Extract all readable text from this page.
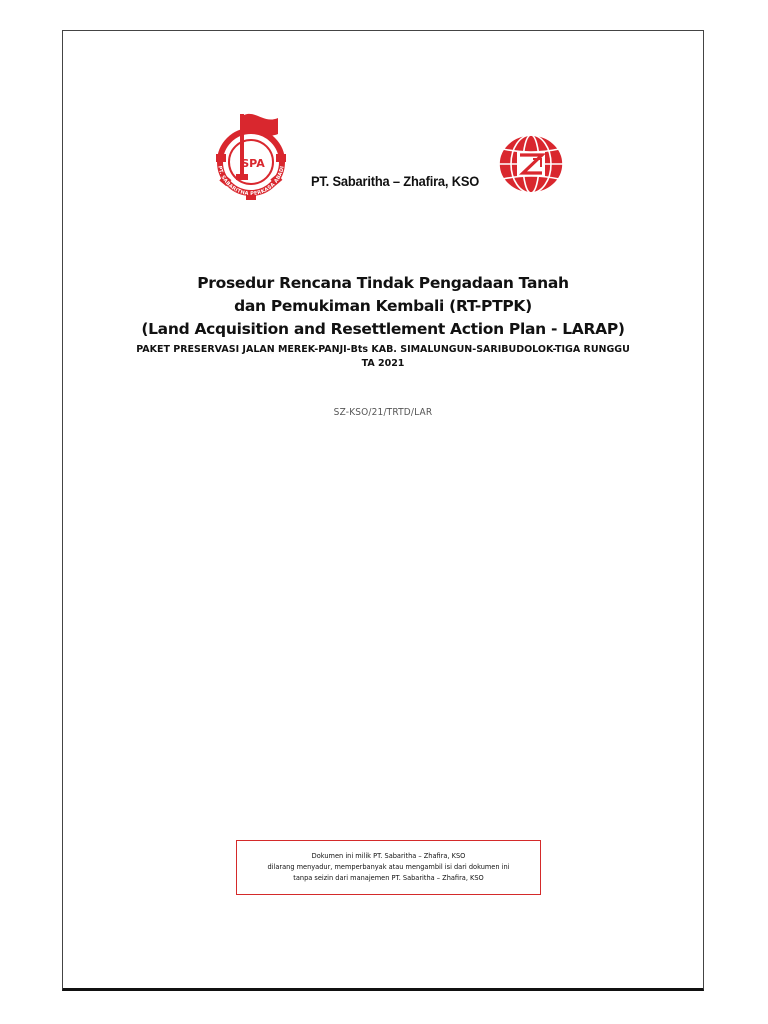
SPA
PT. SABARITHA PERKASA ABADI
PT. Sabaritha – Zhafira, KSO
Prosedur Rencana Tindak Pengadaan Tanah
dan Pemukiman Kembali (RT-PTPK)
(Land Acquisition and Resettlement Action Plan - LARAP)
PAKET PRESERVASI JALAN MEREK-PANJI-Bts KAB. SIMALUNGUN-SARIBUDOLOK-TIGA RUNGGU
TA 2021
SZ-KSO/21/TRTD/LAR
Dokumen ini milik PT. Sabaritha – Zhafira, KSO
dilarang menyadur, memperbanyak atau mengambil isi dari dokumen ini
tanpa seizin dari manajemen PT. Sabaritha – Zhafira, KSO
